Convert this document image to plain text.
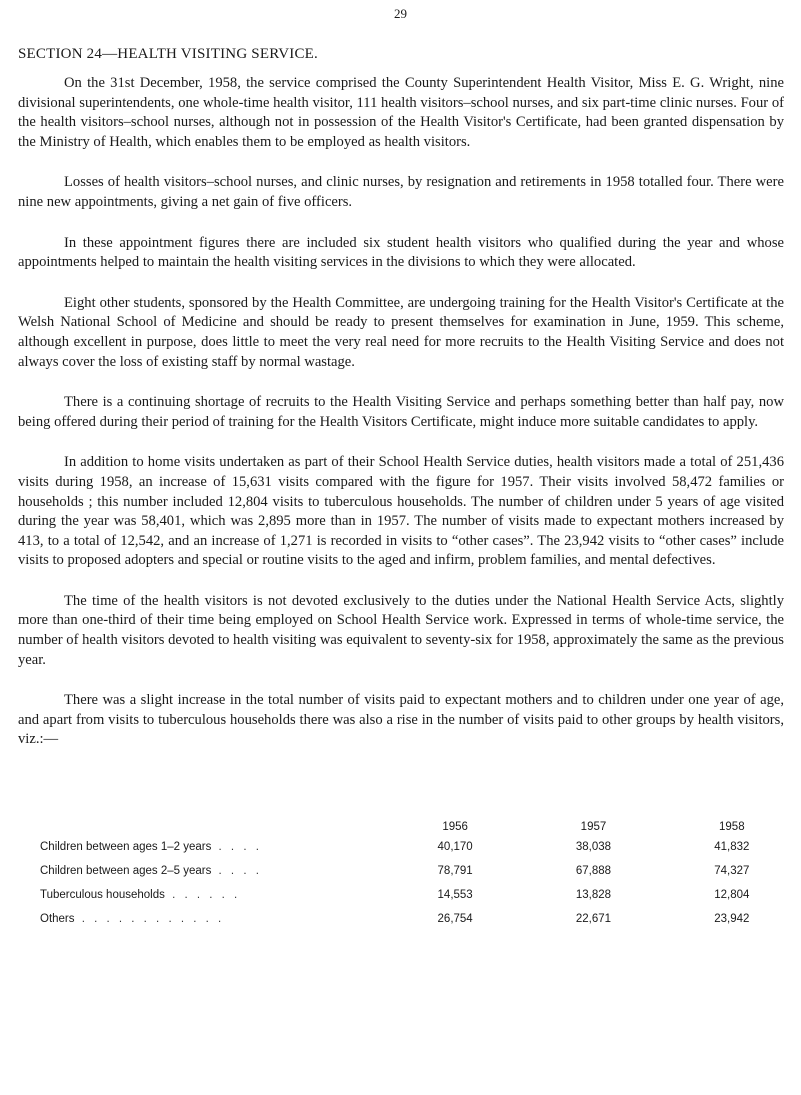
29
SECTION 24—HEALTH VISITING SERVICE.

On the 31st December, 1958, the service comprised the County Superintendent Health Visitor, Miss E. G. Wright, nine divisional superintendents, one whole-time health visitor, 111 health visitors–school nurses, and six part-time clinic nurses. Four of the health visitors–school nurses, although not in possession of the Health Visitor's Certificate, had been granted dispensation by the Ministry of Health, which enables them to be employed as health visitors.

Losses of health visitors–school nurses, and clinic nurses, by resignation and retirements in 1958 totalled four. There were nine new appointments, giving a net gain of five officers.

In these appointment figures there are included six student health visitors who qualified during the year and whose appointments helped to maintain the health visiting services in the divisions to which they were allocated.

Eight other students, sponsored by the Health Committee, are undergoing training for the Health Visitor's Certificate at the Welsh National School of Medicine and should be ready to present themselves for examination in June, 1959. This scheme, although excellent in purpose, does little to meet the very real need for more recruits to the Health Visiting Service and does not always cover the loss of existing staff by normal wastage.

There is a continuing shortage of recruits to the Health Visiting Service and perhaps something better than half pay, now being offered during their period of training for the Health Visitors Certificate, might induce more suitable candidates to apply.

In addition to home visits undertaken as part of their School Health Service duties, health visitors made a total of 251,436 visits during 1958, an increase of 15,631 visits compared with the figure for 1957. Their visits involved 58,472 families or households ; this number included 12,804 visits to tuberculous households. The number of children under 5 years of age visited during the year was 58,401, which was 2,895 more than in 1957. The number of visits made to expectant mothers increased by 413, to a total of 12,542, and an increase of 1,271 is recorded in visits to “other cases”. The 23,942 visits to “other cases” include visits to proposed adopters and special or routine visits to the aged and infirm, problem families, and mental defectives.

The time of the health visitors is not devoted exclusively to the duties under the National Health Service Acts, slightly more than one-third of their time being employed on School Health Service work. Expressed in terms of whole-time service, the number of health visitors devoted to health visiting was equivalent to seventy-six for 1958, approximately the same as the previous year.

There was a slight increase in the total number of visits paid to expectant mothers and to children under one year of age, and apart from visits to tuberculous households there was also a rise in the number of visits paid to other groups by health visitors, viz.:—

	1956	1957	1958
Children between ages 1–2 years . . . .	40,170	38,038	41,832
Children between ages 2–5 years . . . .	78,791	67,888	74,327
Tuberculous households . . . . . .	14,553	13,828	12,804
Others . . . . . . . . . . . .	26,754	22,671	23,942
